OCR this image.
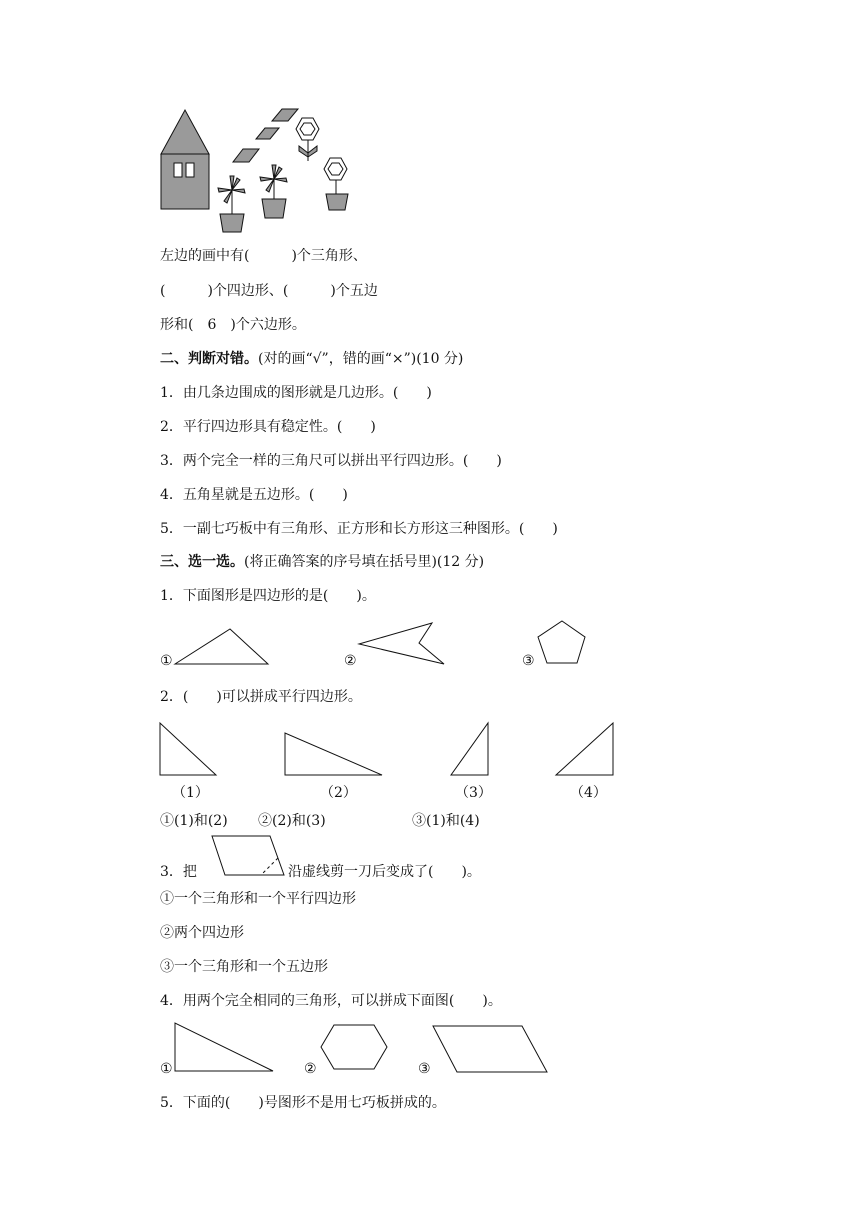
左边的画中有(　　　)个三角形、
(　　　)个四边形、(　　　)个五边
形和(　6　)个六边形。
二、判断对错。(对的画“√”，错的画“×”)(10 分)
1．由几条边围成的图形就是几边形。(　　)
2．平行四边形具有稳定性。(　　)
3．两个完全一样的三角尺可以拼出平行四边形。(　　)
4．五角星就是五边形。(　　)
5．一副七巧板中有三角形、正方形和长方形这三种图形。(　　)
三、选一选。(将正确答案的序号填在括号里)(12 分)
1．下面图形是四边形的是(　　)。
①	②	③
2．(　　)可以拼成平行四边形。
（1）	（2）	（3）	（4）
①(1)和(2) ②(2)和(3)	③(1)和(4)
3．把	沿虚线剪一刀后变成了(　　)。
①一个三角形和一个平行四边形
②两个四边形
③一个三角形和一个五边形
4．用两个完全相同的三角形，可以拼成下面图(　　)。
①	②	③
5．下面的(　　)号图形不是用七巧板拼成的。
